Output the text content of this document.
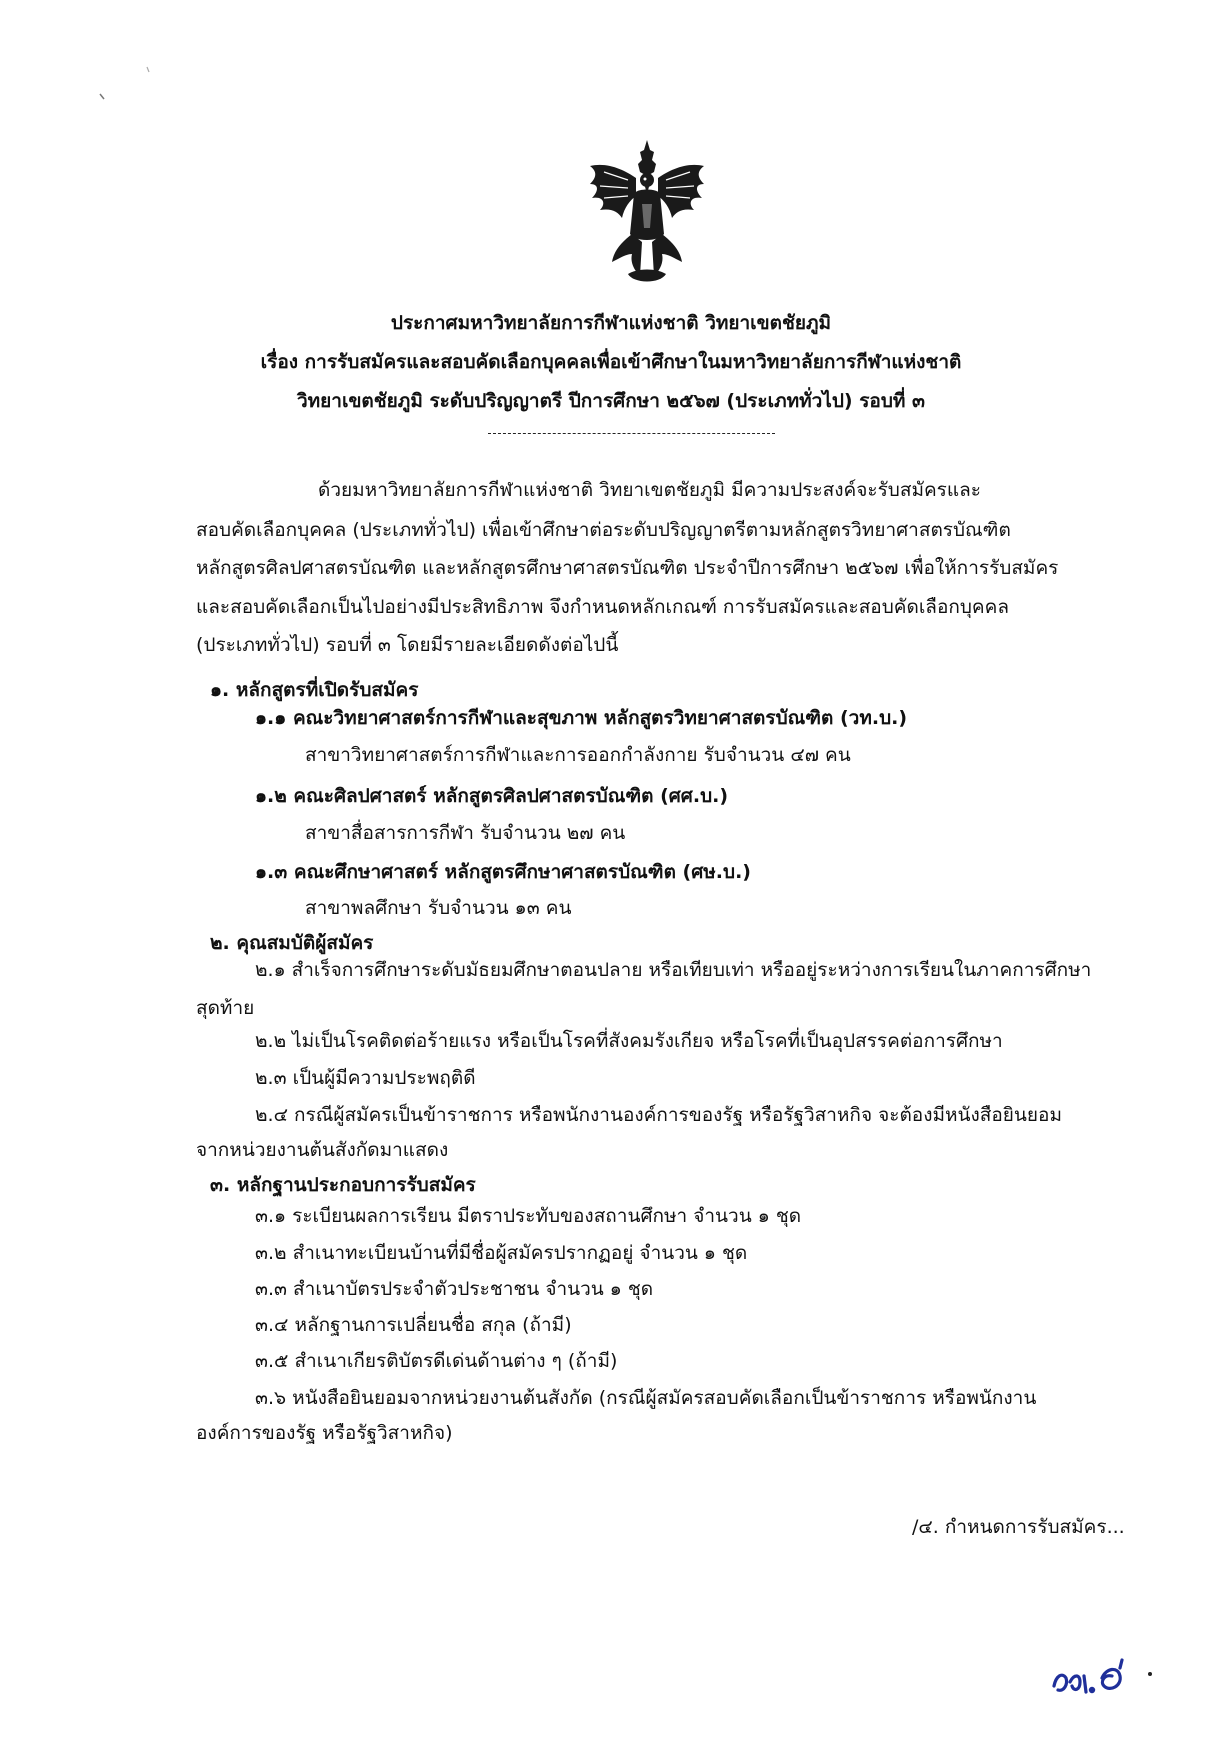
ประกาศมหาวิทยาลัยการกีฬาแห่งชาติ วิทยาเขตชัยภูมิ
เรื่อง การรับสมัครและสอบคัดเลือกบุคคลเพื่อเข้าศึกษาในมหาวิทยาลัยการกีฬาแห่งชาติ
วิทยาเขตชัยภูมิ ระดับปริญญาตรี ปีการศึกษา ๒๕๖๗ (ประเภททั่วไป) รอบที่ ๓
ด้วยมหาวิทยาลัยการกีฬาแห่งชาติ วิทยาเขตชัยภูมิ มีความประสงค์จะรับสมัครและ
สอบคัดเลือกบุคคล (ประเภททั่วไป) เพื่อเข้าศึกษาต่อระดับปริญญาตรีตามหลักสูตรวิทยาศาสตรบัณฑิต
หลักสูตรศิลปศาสตรบัณฑิต และหลักสูตรศึกษาศาสตรบัณฑิต ประจำปีการศึกษา ๒๕๖๗ เพื่อให้การรับสมัคร
และสอบคัดเลือกเป็นไปอย่างมีประสิทธิภาพ จึงกำหนดหลักเกณฑ์ การรับสมัครและสอบคัดเลือกบุคคล
(ประเภททั่วไป) รอบที่ ๓ โดยมีรายละเอียดดังต่อไปนี้
๑. หลักสูตรที่เปิดรับสมัคร
๑.๑ คณะวิทยาศาสตร์การกีฬาและสุขภาพ หลักสูตรวิทยาศาสตรบัณฑิต (วท.บ.)
สาขาวิทยาศาสตร์การกีฬาและการออกกำลังกาย รับจำนวน ๔๗ คน
๑.๒ คณะศิลปศาสตร์ หลักสูตรศิลปศาสตรบัณฑิต (ศศ.บ.)
สาขาสื่อสารการกีฬา รับจำนวน ๒๗ คน
๑.๓ คณะศึกษาศาสตร์ หลักสูตรศึกษาศาสตรบัณฑิต (ศษ.บ.)
สาขาพลศึกษา รับจำนวน ๑๓ คน
๒. คุณสมบัติผู้สมัคร
๒.๑ สำเร็จการศึกษาระดับมัธยมศึกษาตอนปลาย หรือเทียบเท่า หรืออยู่ระหว่างการเรียนในภาคการศึกษา
สุดท้าย
๒.๒ ไม่เป็นโรคติดต่อร้ายแรง หรือเป็นโรคที่สังคมรังเกียจ หรือโรคที่เป็นอุปสรรคต่อการศึกษา
๒.๓ เป็นผู้มีความประพฤติดี
๒.๔ กรณีผู้สมัครเป็นข้าราชการ หรือพนักงานองค์การของรัฐ หรือรัฐวิสาหกิจ จะต้องมีหนังสือยินยอม
จากหน่วยงานต้นสังกัดมาแสดง
๓. หลักฐานประกอบการรับสมัคร
๓.๑ ระเบียนผลการเรียน มีตราประทับของสถานศึกษา จำนวน ๑ ชุด
๓.๒ สำเนาทะเบียนบ้านที่มีชื่อผู้สมัครปรากฏอยู่ จำนวน ๑ ชุด
๓.๓ สำเนาบัตรประจำตัวประชาชน จำนวน ๑ ชุด
๓.๔ หลักฐานการเปลี่ยนชื่อ สกุล (ถ้ามี)
๓.๕ สำเนาเกียรติบัตรดีเด่นด้านต่าง ๆ (ถ้ามี)
๓.๖ หนังสือยินยอมจากหน่วยงานต้นสังกัด (กรณีผู้สมัครสอบคัดเลือกเป็นข้าราชการ หรือพนักงาน
องค์การของรัฐ หรือรัฐวิสาหกิจ)
/๔. กำหนดการรับสมัคร...
